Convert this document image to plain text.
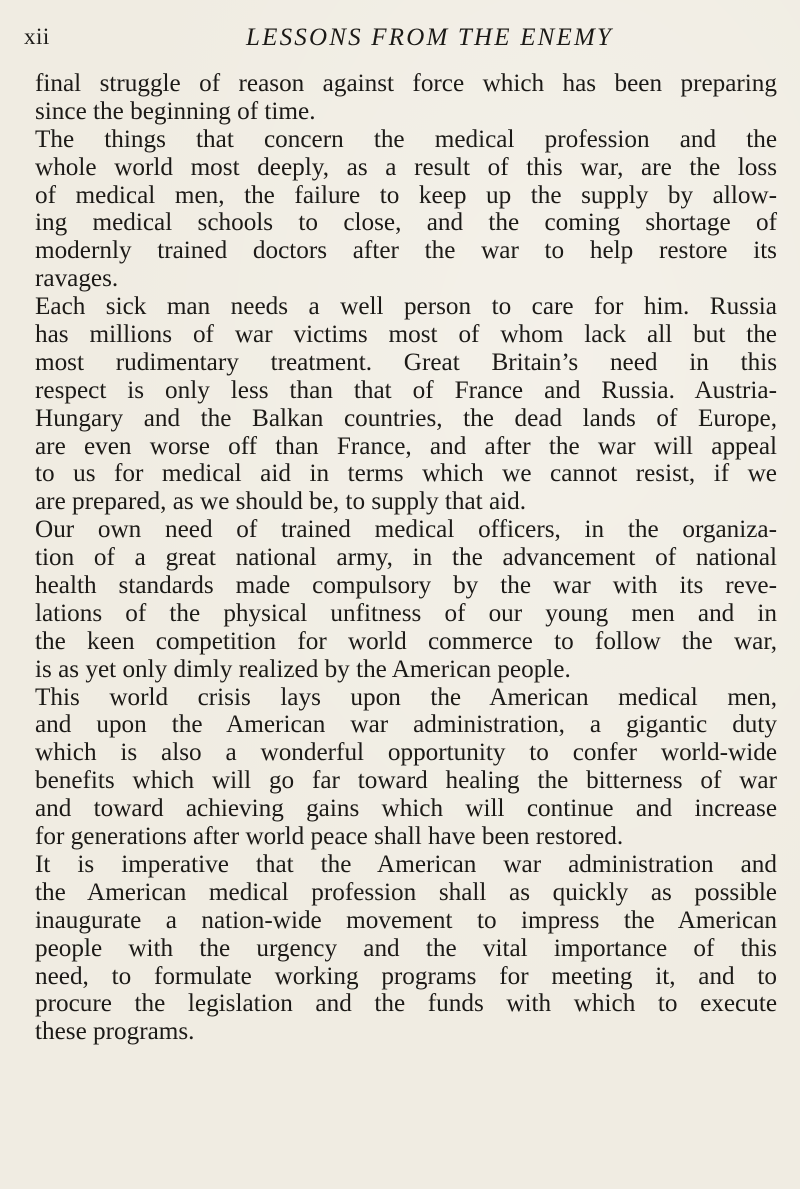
xii	LESSONS FROM THE ENEMY
final struggle of reason against force which has been preparing
since the beginning of time.
The things that concern the medical profession and the
whole world most deeply, as a result of this war, are the loss
of medical men, the failure to keep up the supply by allow-
ing medical schools to close, and the coming shortage of
modernly trained doctors after the war to help restore its
ravages.
Each sick man needs a well person to care for him. Russia
has millions of war victims most of whom lack all but the
most rudimentary treatment. Great Britain’s need in this
respect is only less than that of France and Russia. Austria-
Hungary and the Balkan countries, the dead lands of Europe,
are even worse off than France, and after the war will appeal
to us for medical aid in terms which we cannot resist, if we
are prepared, as we should be, to supply that aid.
Our own need of trained medical officers, in the organiza-
tion of a great national army, in the advancement of national
health standards made compulsory by the war with its reve-
lations of the physical unfitness of our young men and in
the keen competition for world commerce to follow the war,
is as yet only dimly realized by the American people.
This world crisis lays upon the American medical men,
and upon the American war administration, a gigantic duty
which is also a wonderful opportunity to confer world-wide
benefits which will go far toward healing the bitterness of war
and toward achieving gains which will continue and increase
for generations after world peace shall have been restored.
It is imperative that the American war administration and
the American medical profession shall as quickly as possible
inaugurate a nation-wide movement to impress the American
people with the urgency and the vital importance of this
need, to formulate working programs for meeting it, and to
procure the legislation and the funds with which to execute
these programs.
